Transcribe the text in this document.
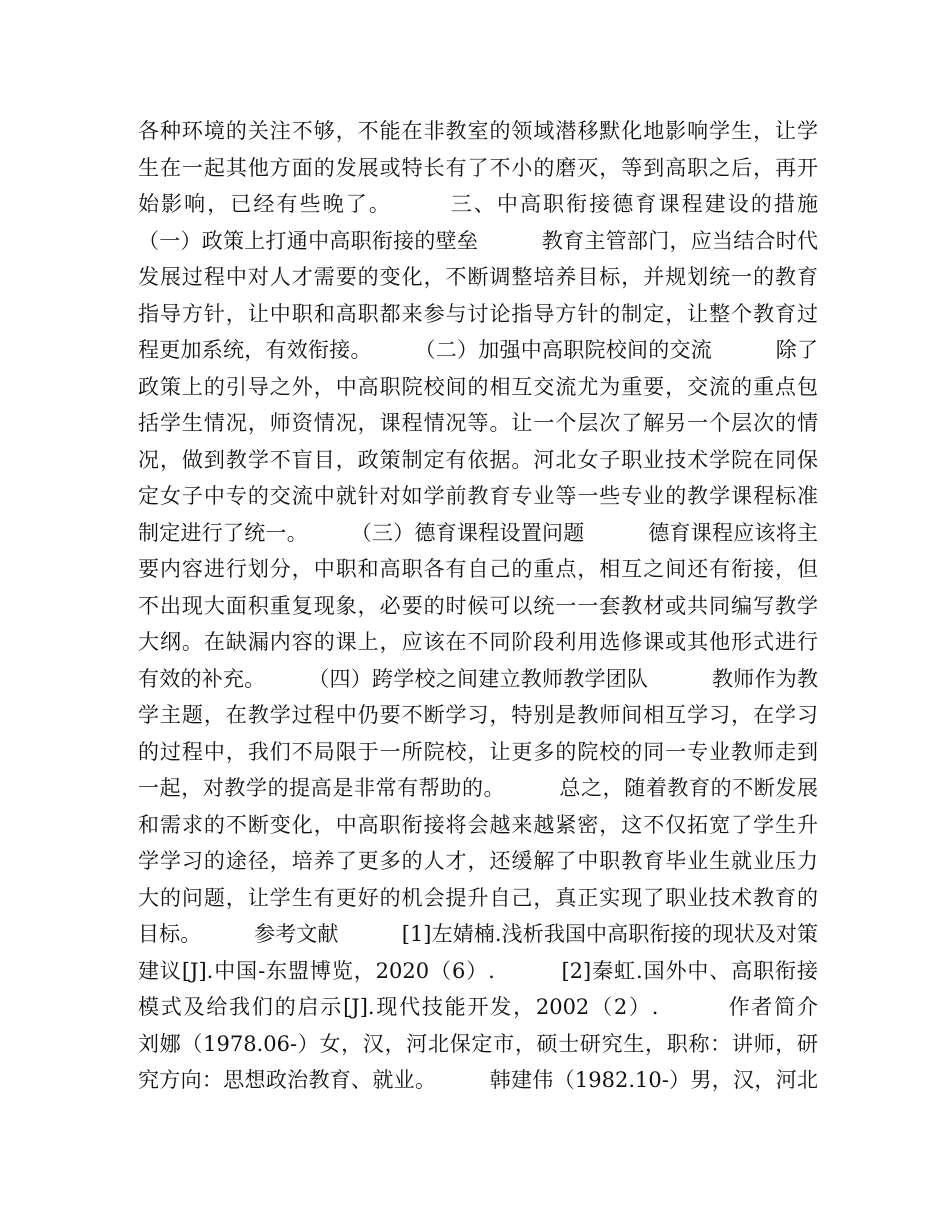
各种环境的关注不够，不能在非教室的领域潜移默化地影响学生，让学
生在一起其他方面的发展或特长有了不小的磨灭，等到高职之后，再开
始影响，已经有些晚了。　　　三、中高职衔接德育课程建设的措施
（一）政策上打通中高职衔接的壁垒　　　教育主管部门，应当结合时代
发展过程中对人才需要的变化，不断调整培养目标，并规划统一的教育
指导方针，让中职和高职都来参与讨论指导方针的制定，让整个教育过
程更加系统，有效衔接。　　　（二）加强中高职院校间的交流　　　除了
政策上的引导之外，中高职院校间的相互交流尤为重要，交流的重点包
括学生情况，师资情况，课程情况等。让一个层次了解另一个层次的情
况，做到教学不盲目，政策制定有依据。河北女子职业技术学院在同保
定女子中专的交流中就针对如学前教育专业等一些专业的教学课程标准
制定进行了统一。　　　（三）德育课程设置问题　　　德育课程应该将主
要内容进行划分，中职和高职各有自己的重点，相互之间还有衔接，但
不出现大面积重复现象，必要的时候可以统一一套教材或共同编写教学
大纲。在缺漏内容的课上，应该在不同阶段利用选修课或其他形式进行
有效的补充。　　　（四）跨学校之间建立教师教学团队　　　教师作为教
学主题，在教学过程中仍要不断学习，特别是教师间相互学习，在学习
的过程中，我们不局限于一所院校，让更多的院校的同一专业教师走到
一起，对教学的提高是非常有帮助的。　　　总之，随着教育的不断发展
和需求的不断变化，中高职衔接将会越来越紧密，这不仅拓宽了学生升
学学习的途径，培养了更多的人才，还缓解了中职教育毕业生就业压力
大的问题，让学生有更好的机会提升自己，真正实现了职业技术教育的
目标。　　　参考文献　　　[1]左婧楠.浅析我国中高职衔接的现状及对策
建议[J].中国-东盟博览，2020（6）.　　　[2]秦虹.国外中、高职衔接
模式及给我们的启示[J].现代技能开发，2002（2）.　　　作者简介
刘娜（1978.06-）女，汉，河北保定市，硕士研究生，职称：讲师，研
究方向：思想政治教育、就业。　　　韩建伟（1982.10-）男，汉，河北
